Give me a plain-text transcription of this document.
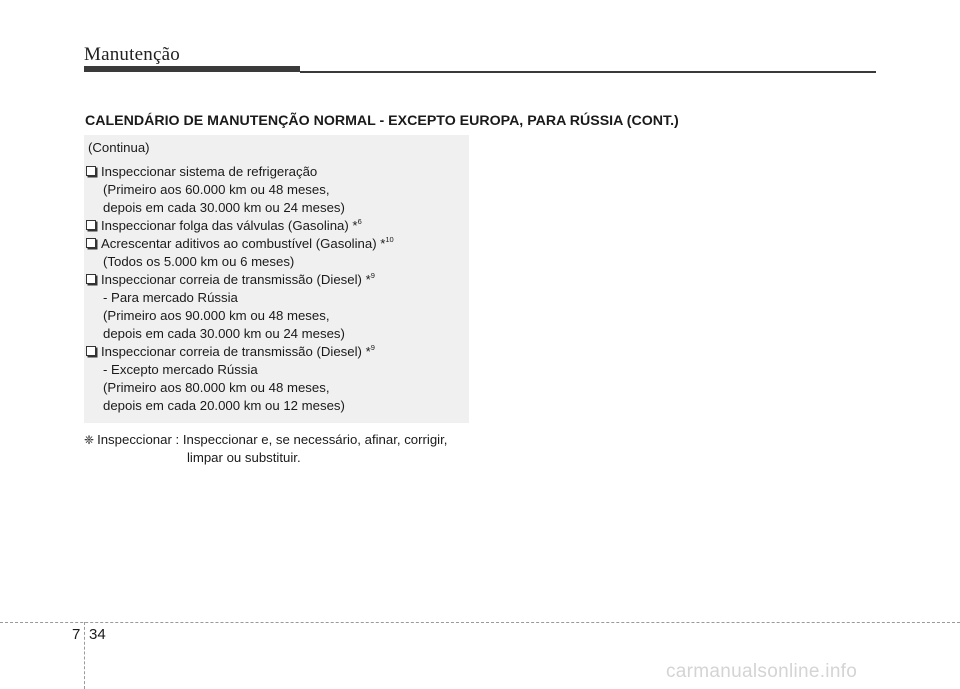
Manutenção
CALENDÁRIO DE MANUTENÇÃO NORMAL - EXCEPTO EUROPA, PARA RÚSSIA (CONT.)
(Continua)
Inspeccionar sistema de refrigeração
(Primeiro aos 60.000 km ou 48 meses,
depois em cada 30.000 km ou 24 meses)
Inspeccionar folga das válvulas (Gasolina) *$^6$
Acrescentar aditivos ao combustível (Gasolina) *$^{10}$
(Todos os 5.000 km ou 6 meses)
Inspeccionar correia de transmissão (Diesel) *$^9$
- Para mercado Rússia
(Primeiro aos 90.000 km ou 48 meses,
depois em cada 30.000 km ou 24 meses)
Inspeccionar correia de transmissão (Diesel) *$^9$
- Excepto mercado Rússia
(Primeiro aos 80.000 km ou 48 meses,
depois em cada 20.000 km ou 12 meses)
❈ Inspeccionar : Inspeccionar e, se necessário, afinar, corrigir,
limpar ou substituir.
7 34
carmanualsonline.info
